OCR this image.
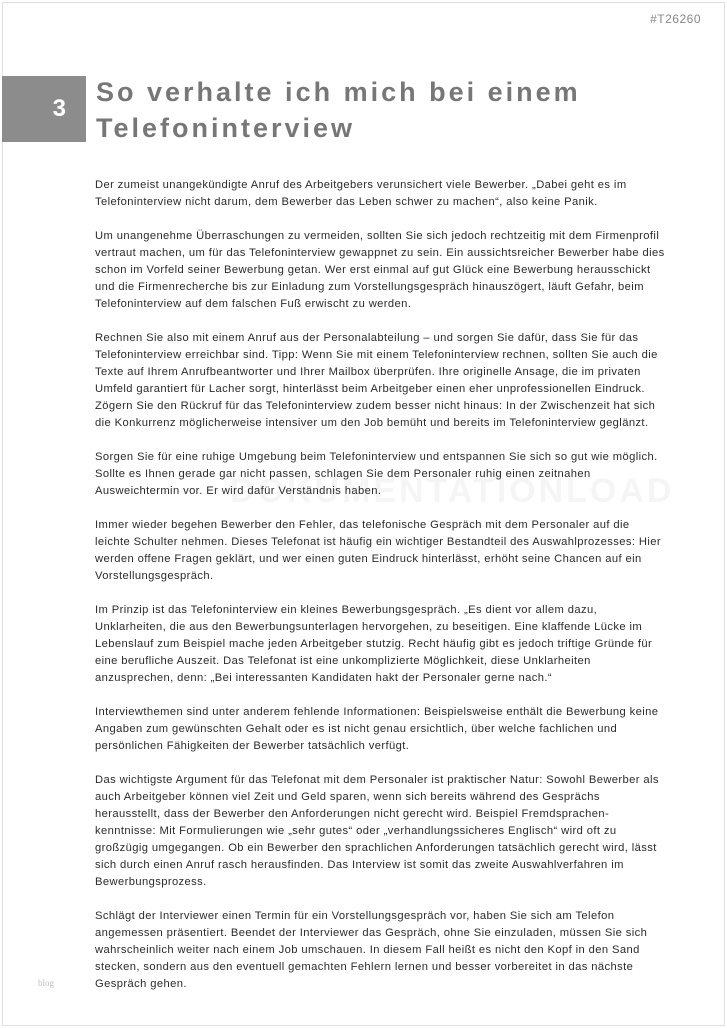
#T26260
3
So verhalte ich mich bei einem Telefoninterview

Der zumeist unangekündigte Anruf des Arbeitgebers verunsichert viele Bewerber. „Dabei geht es im Telefoninterview nicht darum, dem Bewerber das Leben schwer zu machen“, also keine Panik.

Um unangenehme Überraschungen zu vermeiden, sollten Sie sich jedoch rechtzeitig mit dem Firmenprofil vertraut machen, um für das Telefoninterview gewappnet zu sein. Ein aussichtsreicher Bewerber habe dies schon im Vorfeld seiner Bewerbung getan. Wer erst einmal auf gut Glück eine Bewerbung herausschickt und die Firmenrecherche bis zur Einladung zum Vorstellungsgespräch hinauszögert, läuft Gefahr, beim Telefoninterview auf dem falschen Fuß erwischt zu werden.

Rechnen Sie also mit einem Anruf aus der Personalabteilung – und sorgen Sie dafür, dass Sie für das Telefoninterview erreichbar sind. Tipp: Wenn Sie mit einem Telefoninterview rechnen, sollten Sie auch die Texte auf Ihrem Anrufbeantworter und Ihrer Mailbox überprüfen. Ihre originelle Ansage, die im privaten Umfeld garantiert für Lacher sorgt, hinterlässt beim Arbeitgeber einen eher unprofessionellen Eindruck. Zögern Sie den Rückruf für das Telefoninterview zudem besser nicht hinaus: In der Zwischenzeit hat sich die Konkurrenz möglicherweise intensiver um den Job bemüht und bereits im Telefoninterview geglänzt.

Sorgen Sie für eine ruhige Umgebung beim Telefoninterview und entspannen Sie sich so gut wie möglich. Sollte es Ihnen gerade gar nicht passen, schlagen Sie dem Personaler ruhig einen zeitnahen Ausweichtermin vor. Er wird dafür Verständnis haben.

Immer wieder begehen Bewerber den Fehler, das telefonische Gespräch mit dem Personaler auf die leichte Schulter nehmen. Dieses Telefonat ist häufig ein wichtiger Bestandteil des Auswahlprozesses: Hier werden offene Fragen geklärt, und wer einen guten Eindruck hinterlässt, erhöht seine Chancen auf ein Vorstellungsgespräch.

Im Prinzip ist das Telefoninterview ein kleines Bewerbungsgespräch. „Es dient vor allem dazu, Unklarheiten, die aus den Bewerbungsunterlagen hervorgehen, zu beseitigen. Eine klaffende Lücke im Lebenslauf zum Beispiel mache jeden Arbeitgeber stutzig. Recht häufig gibt es jedoch triftige Gründe für eine berufliche Auszeit. Das Telefonat ist eine unkomplizierte Möglichkeit, diese Unklarheiten anzusprechen, denn: „Bei interessanten Kandidaten hakt der Personaler gerne nach.“

Interviewthemen sind unter anderem fehlende Informationen: Beispielsweise enthält die Bewerbung keine Angaben zum gewünschten Gehalt oder es ist nicht genau ersichtlich, über welche fachlichen und persönlichen Fähigkeiten der Bewerber tatsächlich verfügt.

Das wichtigste Argument für das Telefonat mit dem Personaler ist praktischer Natur: Sowohl Bewerber als auch Arbeitgeber können viel Zeit und Geld sparen, wenn sich bereits während des Gesprächs herausstellt, dass der Bewerber den Anforderungen nicht gerecht wird. Beispiel Fremdsprachen-kenntnisse: Mit Formulierungen wie „sehr gutes“ oder „verhandlungssicheres Englisch“ wird oft zu großzügig umgegangen. Ob ein Bewerber den sprachlichen Anforderungen tatsächlich gerecht wird, lässt sich durch einen Anruf rasch herausfinden. Das Interview ist somit das zweite Auswahlverfahren im Bewerbungsprozess.

Schlägt der Interviewer einen Termin für ein Vorstellungsgespräch vor, haben Sie sich am Telefon angemessen präsentiert. Beendet der Interviewer das Gespräch, ohne Sie einzuladen, müssen Sie sich wahrscheinlich weiter nach einem Job umschauen. In diesem Fall heißt es nicht den Kopf in den Sand stecken, sondern aus den eventuell gemachten Fehlern lernen und besser vorbereitet in das nächste Gespräch gehen.

blog
